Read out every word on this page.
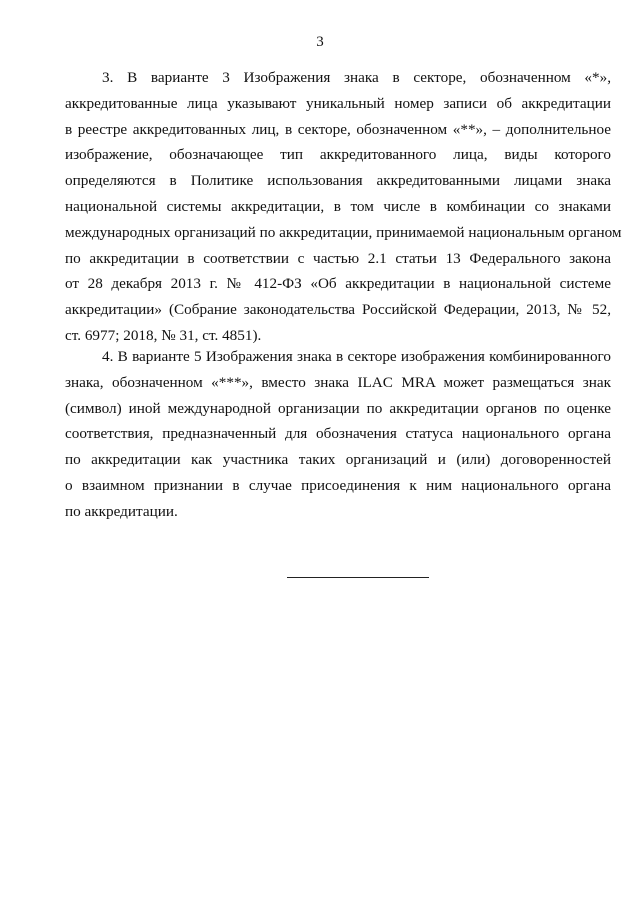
3
3. В варианте 3 Изображения знака в секторе, обозначенном «*»,
аккредитованные лица указывают уникальный номер записи об аккредитации
в реестре аккредитованных лиц, в секторе, обозначенном «**», – дополнительное
изображение, обозначающее тип аккредитованного лица, виды которого
определяются в Политике использования аккредитованными лицами знака
национальной системы аккредитации, в том числе в комбинации со знаками
международных организаций по аккредитации, принимаемой национальным органом
по аккредитации в соответствии с частью 2.1 статьи 13 Федерального закона
от 28 декабря 2013 г. № 412-ФЗ «Об аккредитации в национальной системе
аккредитации» (Собрание законодательства Российской Федерации, 2013, № 52,
ст. 6977; 2018, № 31, ст. 4851).
4. В варианте 5 Изображения знака в секторе изображения комбинированного
знака, обозначенном «***», вместо знака ILAC MRA может размещаться знак
(символ) иной международной организации по аккредитации органов по оценке
соответствия, предназначенный для обозначения статуса национального органа
по аккредитации как участника таких организаций и (или) договоренностей
о взаимном признании в случае присоединения к ним национального органа
по аккредитации.
